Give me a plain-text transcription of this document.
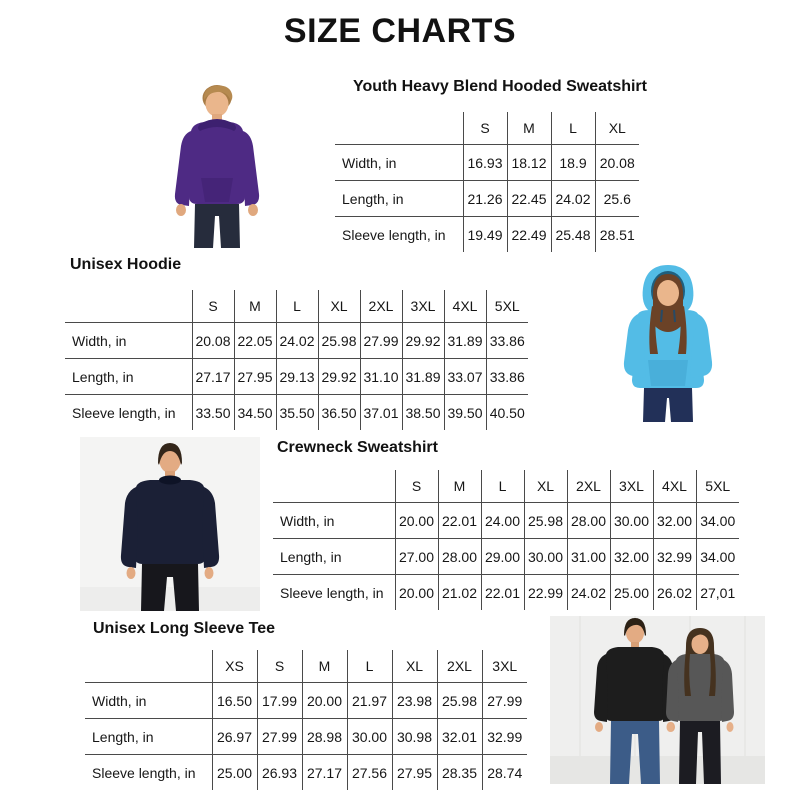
SIZE CHARTS
Youth Heavy Blend Hooded Sweatshirt
	S	M	L	XL
Width, in	16.93	18.12	18.9	20.08
Length, in	21.26	22.45	24.02	25.6
Sleeve length, in	19.49	22.49	25.48	28.51
Unisex Hoodie
	S	M	L	XL	2XL	3XL	4XL	5XL
Width, in	20.08	22.05	24.02	25.98	27.99	29.92	31.89	33.86
Length, in	27.17	27.95	29.13	29.92	31.10	31.89	33.07	33.86
Sleeve length, in	33.50	34.50	35.50	36.50	37.01	38.50	39.50	40.50
Crewneck Sweatshirt
	S	M	L	XL	2XL	3XL	4XL	5XL
Width, in	20.00	22.01	24.00	25.98	28.00	30.00	32.00	34.00
Length, in	27.00	28.00	29.00	30.00	31.00	32.00	32.99	34.00
Sleeve length, in	20.00	21.02	22.01	22.99	24.02	25.00	26.02	27,01
Unisex Long Sleeve Tee
	XS	S	M	L	XL	2XL	3XL
Width, in	16.50	17.99	20.00	21.97	23.98	25.98	27.99
Length, in	26.97	27.99	28.98	30.00	30.98	32.01	32.99
Sleeve length, in	25.00	26.93	27.17	27.56	27.95	28.35	28.74
